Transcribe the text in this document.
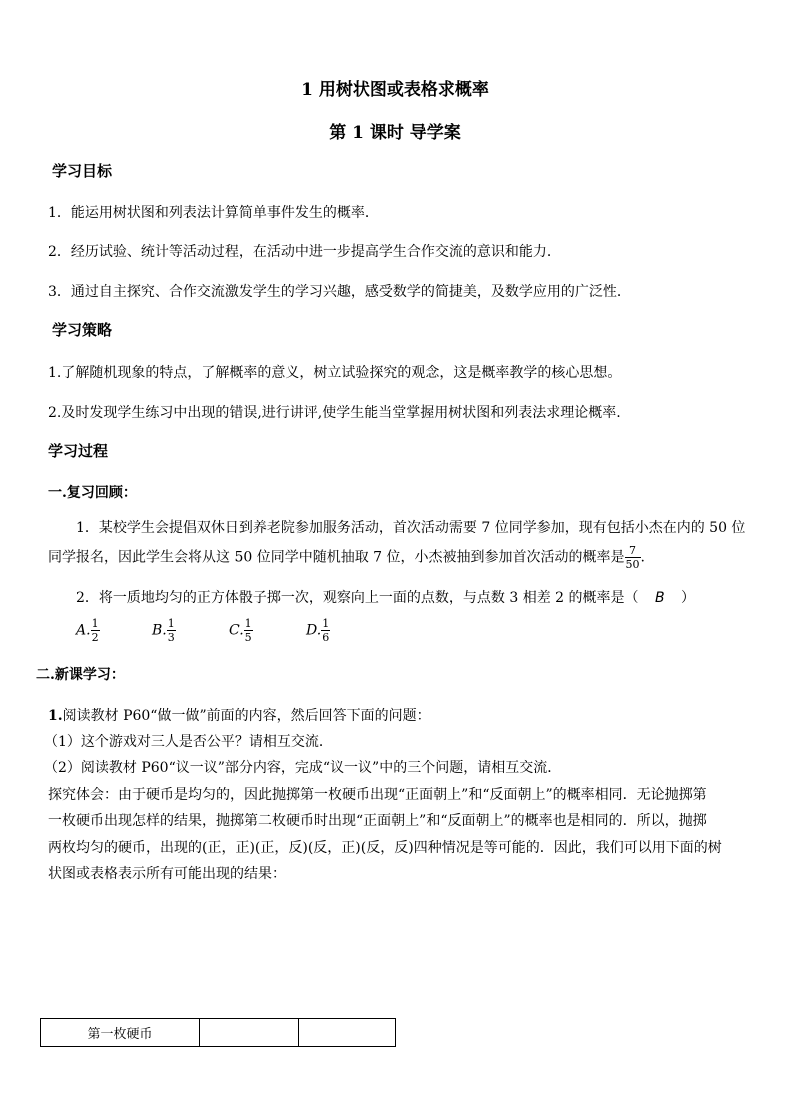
1 用树状图或表格求概率
第 1 课时 导学案
学习目标
1．能运用树状图和列表法计算简单事件发生的概率．
2．经历试验、统计等活动过程，在活动中进一步提高学生合作交流的意识和能力．
3．通过自主探究、合作交流激发学生的学习兴趣，感受数学的简捷美，及数学应用的广泛性．
学习策略
1.了解随机现象的特点，了解概率的意义，树立试验探究的观念，这是概率教学的核心思想。
2.及时发现学生练习中出现的错误,进行讲评,使学生能当堂掌握用树状图和列表法求理论概率.
学习过程
一.复习回顾：
1．某校学生会提倡双休日到养老院参加服务活动，首次活动需要 7 位同学参加，现有包括小杰在内的 50 位
同学报名，因此学生会将从这 50 位同学中随机抽取 7 位，小杰被抽到参加首次活动的概率是 $\frac{7}{50}$ .
2．将一质地均匀的正方体骰子掷一次，观察向上一面的点数，与点数 3 相差 2 的概率是（ B ）
A. $\frac{1}{2}$	B. $\frac{1}{3}$	C. $\frac{1}{5}$	D. $\frac{1}{6}$
二.新课学习：
1.阅读教材 P60“做一做”前面的内容，然后回答下面的问题：
（1）这个游戏对三人是否公平？请相互交流．
（2）阅读教材 P60“议一议”部分内容，完成“议一议”中的三个问题，请相互交流．
探究体会：由于硬币是均匀的，因此抛掷第一枚硬币出现“正面朝上”和“反面朝上”的概率相同．无论抛掷第
一枚硬币出现怎样的结果，抛掷第二枚硬币时出现“正面朝上”和“反面朝上”的概率也是相同的．所以，抛掷
两枚均匀的硬币，出现的(正，正)(正，反)(反，正)(反，反)四种情况是等可能的．因此，我们可以用下面的树
状图或表格表示所有可能出现的结果：
第一枚硬币		
